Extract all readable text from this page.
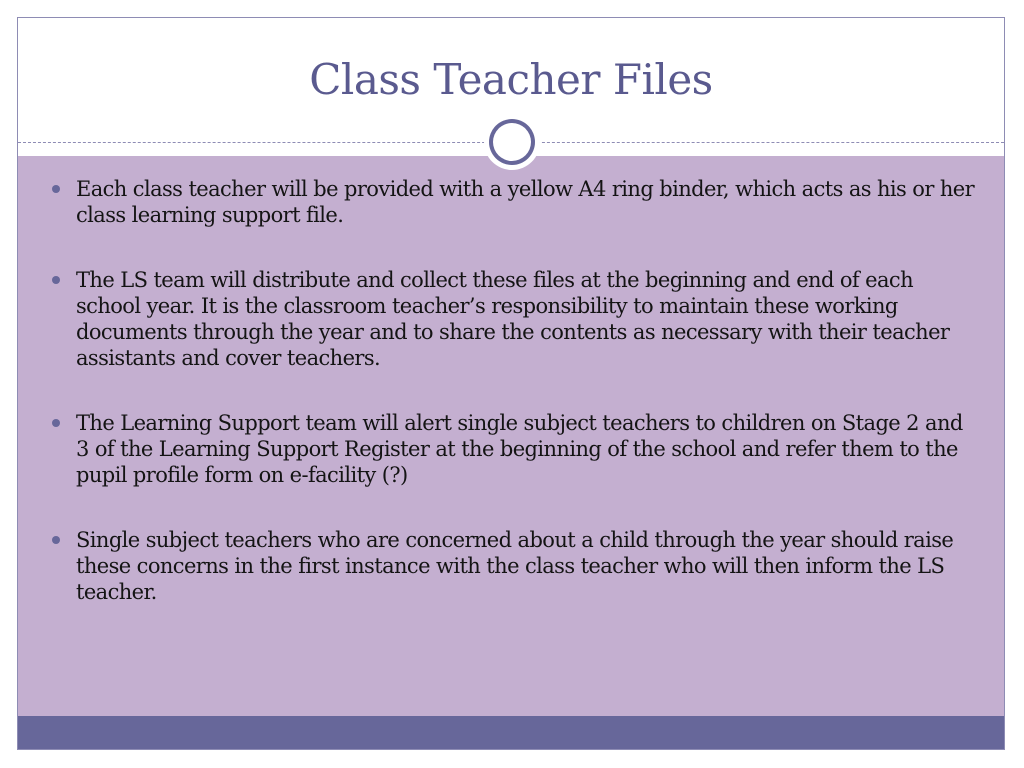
Class Teacher Files
Each class teacher will be provided with a yellow A4 ring binder, which acts as his or her class learning support file.
The LS team will distribute and collect these files at the beginning and end of each school year. It is the classroom teacher’s responsibility to maintain these working documents through the year and to share the contents as necessary with their teacher assistants and cover teachers.
The Learning Support team will alert single subject teachers to children on Stage 2 and 3 of the Learning Support Register at the beginning of the school and refer them to the pupil profile form on e-facility (?)
Single subject teachers who are concerned about a child through the year should raise these concerns in the first instance with the class teacher who will then inform the LS teacher.
